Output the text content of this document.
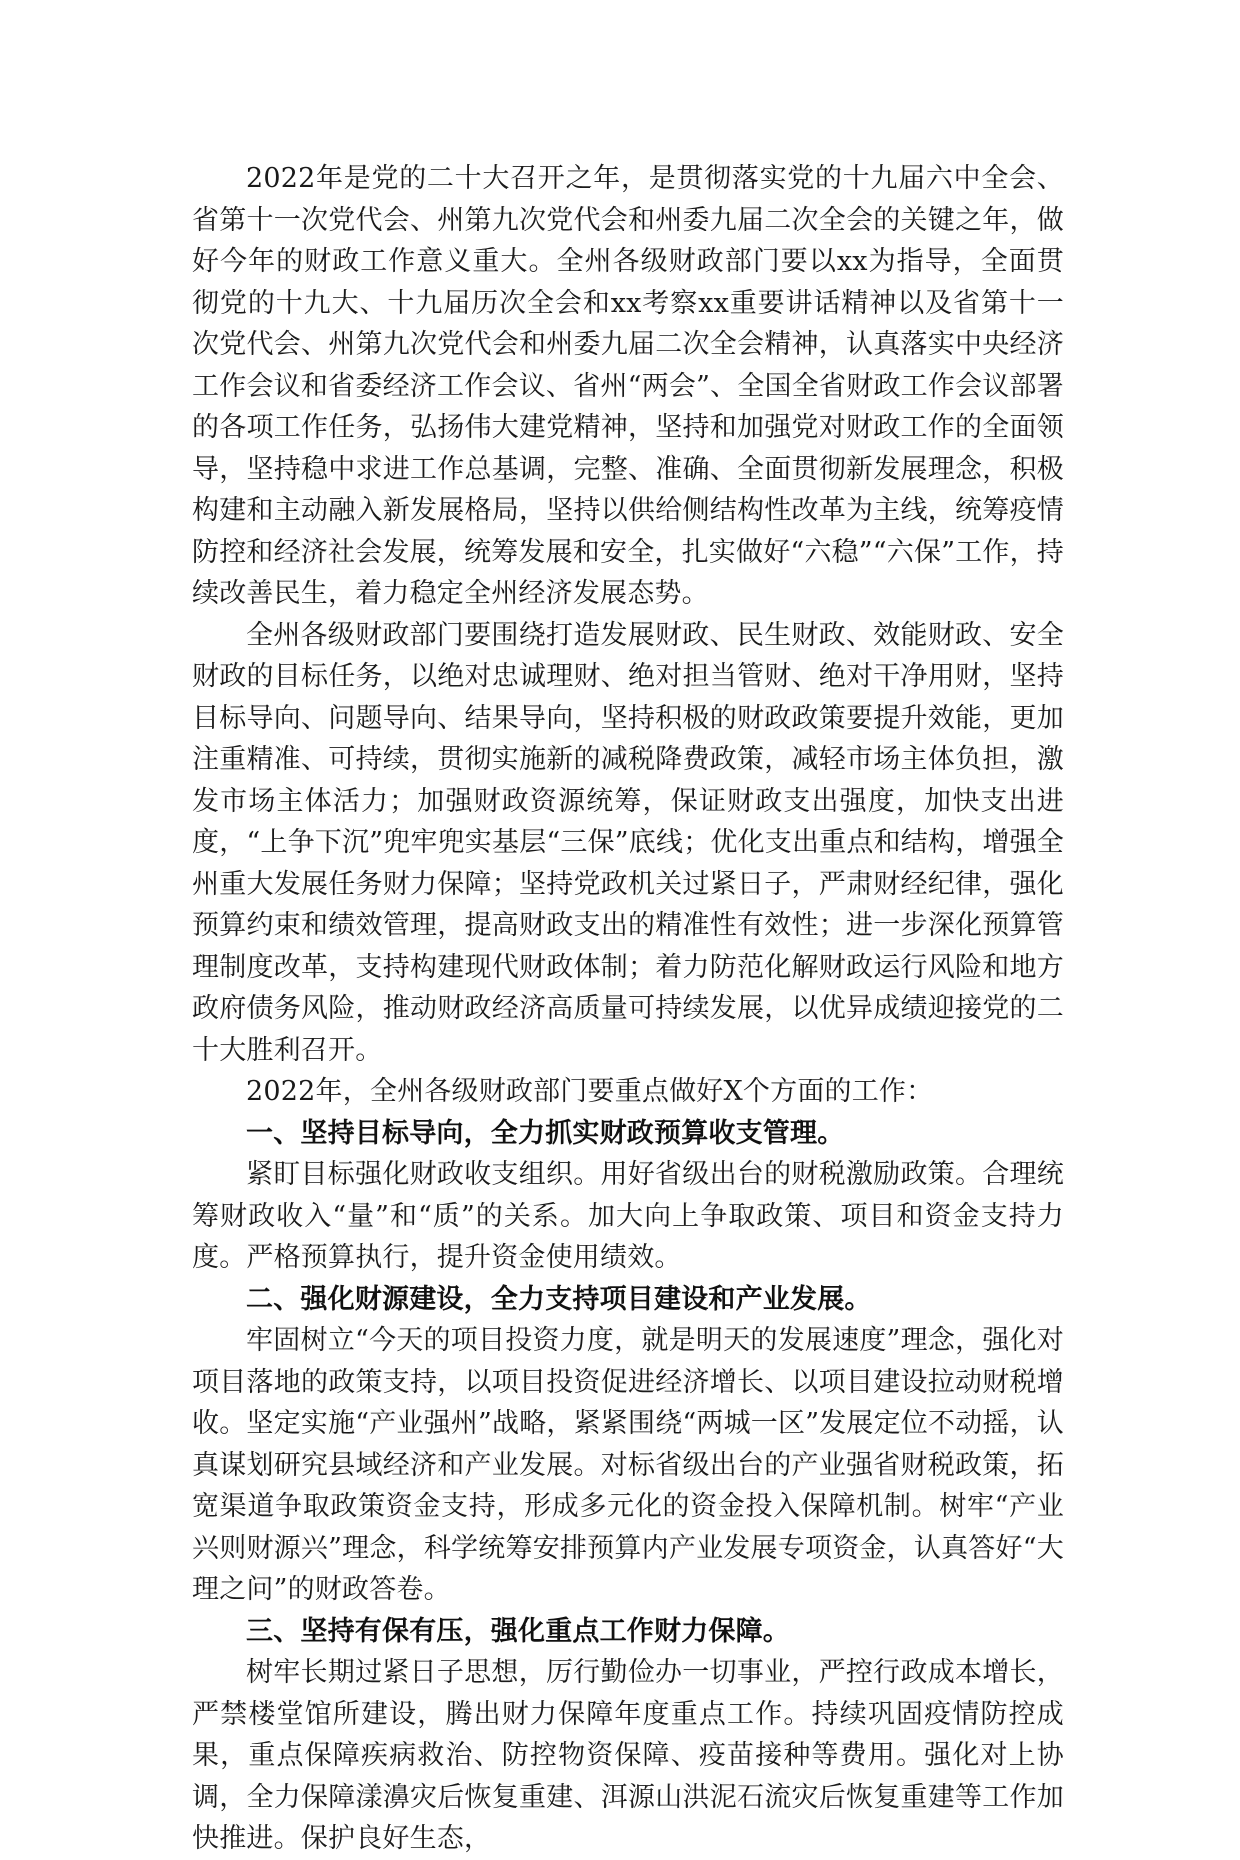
2022年是党的二十大召开之年，是贯彻落实党的十九届六中全会、省第十一次党代会、州第九次党代会和州委九届二次全会的关键之年，做好今年的财政工作意义重大。全州各级财政部门要以xx为指导，全面贯彻党的十九大、十九届历次全会和xx考察xx重要讲话精神以及省第十一次党代会、州第九次党代会和州委九届二次全会精神，认真落实中央经济工作会议和省委经济工作会议、省州“两会”、全国全省财政工作会议部署的各项工作任务，弘扬伟大建党精神，坚持和加强党对财政工作的全面领导，坚持稳中求进工作总基调，完整、准确、全面贯彻新发展理念，积极构建和主动融入新发展格局，坚持以供给侧结构性改革为主线，统筹疫情防控和经济社会发展，统筹发展和安全，扎实做好“六稳”“六保”工作，持续改善民生，着力稳定全州经济发展态势。

全州各级财政部门要围绕打造发展财政、民生财政、效能财政、安全财政的目标任务，以绝对忠诚理财、绝对担当管财、绝对干净用财，坚持目标导向、问题导向、结果导向，坚持积极的财政政策要提升效能，更加注重精准、可持续，贯彻实施新的减税降费政策，减轻市场主体负担，激发市场主体活力；加强财政资源统筹，保证财政支出强度，加快支出进度，“上争下沉”兜牢兜实基层“三保”底线；优化支出重点和结构，增强全州重大发展任务财力保障；坚持党政机关过紧日子，严肃财经纪律，强化预算约束和绩效管理，提高财政支出的精准性有效性；进一步深化预算管理制度改革，支持构建现代财政体制；着力防范化解财政运行风险和地方政府债务风险，推动财政经济高质量可持续发展，以优异成绩迎接党的二十大胜利召开。

2022年，全州各级财政部门要重点做好X个方面的工作：

一、坚持目标导向，全力抓实财政预算收支管理。

紧盯目标强化财政收支组织。用好省级出台的财税激励政策。合理统筹财政收入“量”和“质”的关系。加大向上争取政策、项目和资金支持力度。严格预算执行，提升资金使用绩效。

二、强化财源建设，全力支持项目建设和产业发展。

牢固树立“今天的项目投资力度，就是明天的发展速度”理念，强化对项目落地的政策支持，以项目投资促进经济增长、以项目建设拉动财税增收。坚定实施“产业强州”战略，紧紧围绕“两城一区”发展定位不动摇，认真谋划研究县域经济和产业发展。对标省级出台的产业强省财税政策，拓宽渠道争取政策资金支持，形成多元化的资金投入保障机制。树牢“产业兴则财源兴”理念，科学统筹安排预算内产业发展专项资金，认真答好“大理之问”的财政答卷。

三、坚持有保有压，强化重点工作财力保障。

树牢长期过紧日子思想，厉行勤俭办一切事业，严控行政成本增长，严禁楼堂馆所建设，腾出财力保障年度重点工作。持续巩固疫情防控成果，重点保障疾病救治、防控物资保障、疫苗接种等费用。强化对上协调，全力保障漾濞灾后恢复重建、洱源山洪泥石流灾后恢复重建等工作加快推进。保护良好生态，
